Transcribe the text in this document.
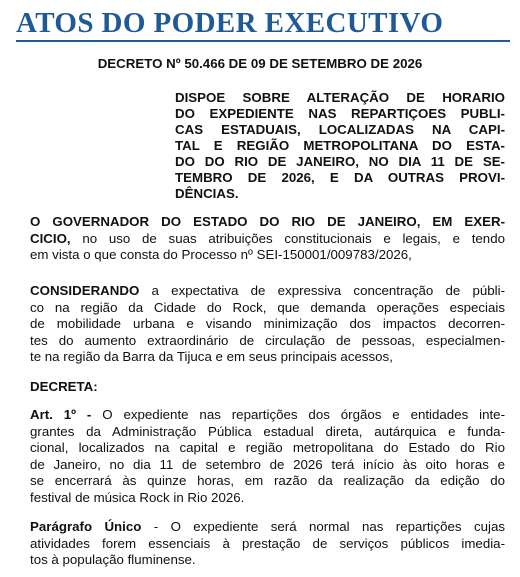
ATOS DO PODER EXECUTIVO
DECRETO Nº 50.466 DE 09 DE SETEMBRO DE 2026
DISPOE SOBRE ALTERAÇÃO DE HORARIO
DO EXPEDIENTE NAS REPARTIÇOES PUBLI-
CAS ESTADUAIS, LOCALIZADAS NA CAPI-
TAL E REGIÃO METROPOLITANA DO ESTA-
DO DO RIO DE JANEIRO, NO DIA 11 DE SE-
TEMBRO DE 2026, E DA OUTRAS PROVI-
DÊNCIAS.
O GOVERNADOR DO ESTADO DO RIO DE JANEIRO, EM EXER-
CICIO, no uso de suas atribuições constitucionais e legais, e tendo
em vista o que consta do Processo nº SEI-150001/009783/2026,
CONSIDERANDO a expectativa de expressiva concentração de públi-
co na região da Cidade do Rock, que demanda operações especiais
de mobilidade urbana e visando minimização dos impactos decorren-
tes do aumento extraordinário de circulação de pessoas, especialmen-
te na região da Barra da Tijuca e em seus principais acessos,
DECRETA:
Art. 1º - O expediente nas repartições dos órgãos e entidades inte-
grantes da Administração Pública estadual direta, autárquica e funda-
cional, localizados na capital e região metropolitana do Estado do Rio
de Janeiro, no dia 11 de setembro de 2026 terá início às oito horas e
se encerrará às quinze horas, em razão da realização da edição do
festival de música Rock in Rio 2026.
Parágrafo Único - O expediente será normal nas repartições cujas
atividades forem essenciais à prestação de serviços públicos imedia-
tos à população fluminense.
